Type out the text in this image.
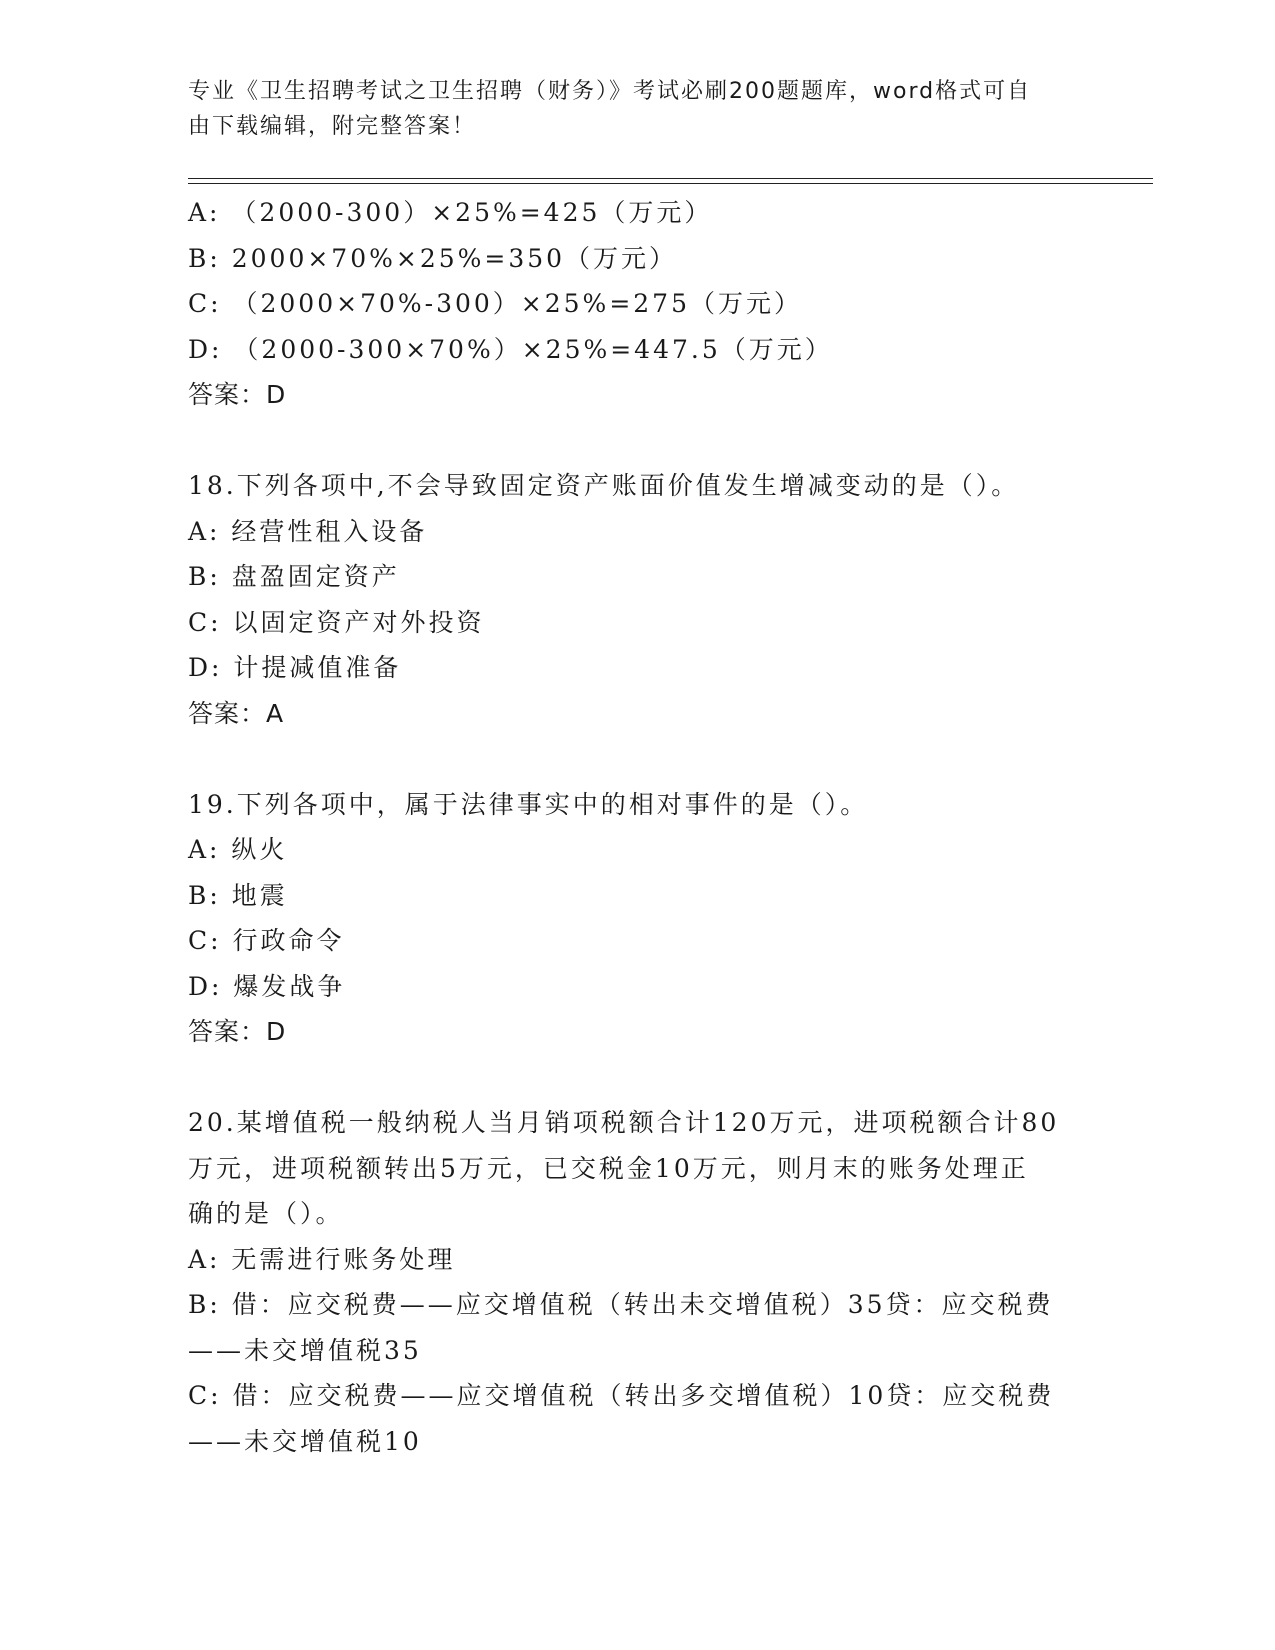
专业《卫生招聘考试之卫生招聘（财务）》考试必刷200题题库，word格式可自
由下载编辑，附完整答案！
A: （2000-300）×25%=425（万元）
B: 2000×70%×25%=350（万元）
C: （2000×70%-300）×25%=275（万元）
D: （2000-300×70%）×25%=447.5（万元）
答案：D
18.下列各项中,不会导致固定资产账面价值发生增减变动的是（）。
A: 经营性租入设备
B: 盘盈固定资产
C: 以固定资产对外投资
D: 计提减值准备
答案：A
19.下列各项中，属于法律事实中的相对事件的是（）。
A: 纵火
B: 地震
C: 行政命令
D: 爆发战争
答案：D
20.某增值税一般纳税人当月销项税额合计120万元，进项税额合计80
万元，进项税额转出5万元，已交税金10万元，则月末的账务处理正
确的是（）。
A: 无需进行账务处理
B: 借：应交税费——应交增值税（转出未交增值税）35贷：应交税费
——未交增值税35
C: 借：应交税费——应交增值税（转出多交增值税）10贷：应交税费
——未交增值税10
